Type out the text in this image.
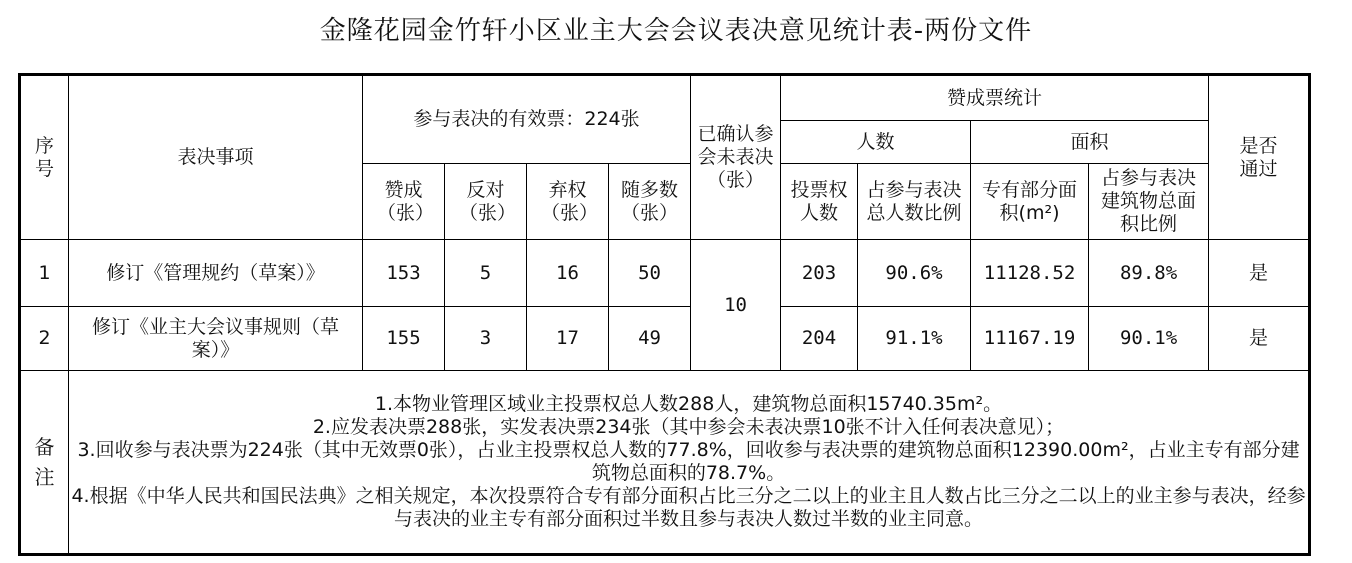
金隆花园金竹轩小区业主大会会议表决意见统计表-两份文件
序号	表决事项	参与表决的有效票：224张				已确认参会未表决（张）	赞成票统计				是否通过
							人数		面积		
		赞成（张）	反对（张）	弃权（张）	随多数（张）		投票权人数	占参与表决总人数比例	专有部分面积(m²)	占参与表决建筑物总面积比例	
1	修订《管理规约（草案）》	153	5	16	50	10	203	90.6%	11128.52	89.8%	是
2	修订《业主大会议事规则（草案）》	155	3	17	49		204	91.1%	11167.19	90.1%	是
备注	1.本物业管理区域业主投票权总人数288人，建筑物总面积15740.35m²。
2.应发表决票288张，实发表决票234张（其中参会未表决票10张不计入任何表决意见）；
3.回收参与表决票为224张（其中无效票0张），占业主投票权总人数的77.8%，回收参与表决票的建筑物总面积12390.00m²，占业主专有部分建筑物总面积的78.7%。
4.根据《中华人民共和国民法典》之相关规定，本次投票符合专有部分面积占比三分之二以上的业主且人数占比三分之二以上的业主参与表决，经参与表决的业主专有部分面积过半数且参与表决人数过半数的业主同意。										
